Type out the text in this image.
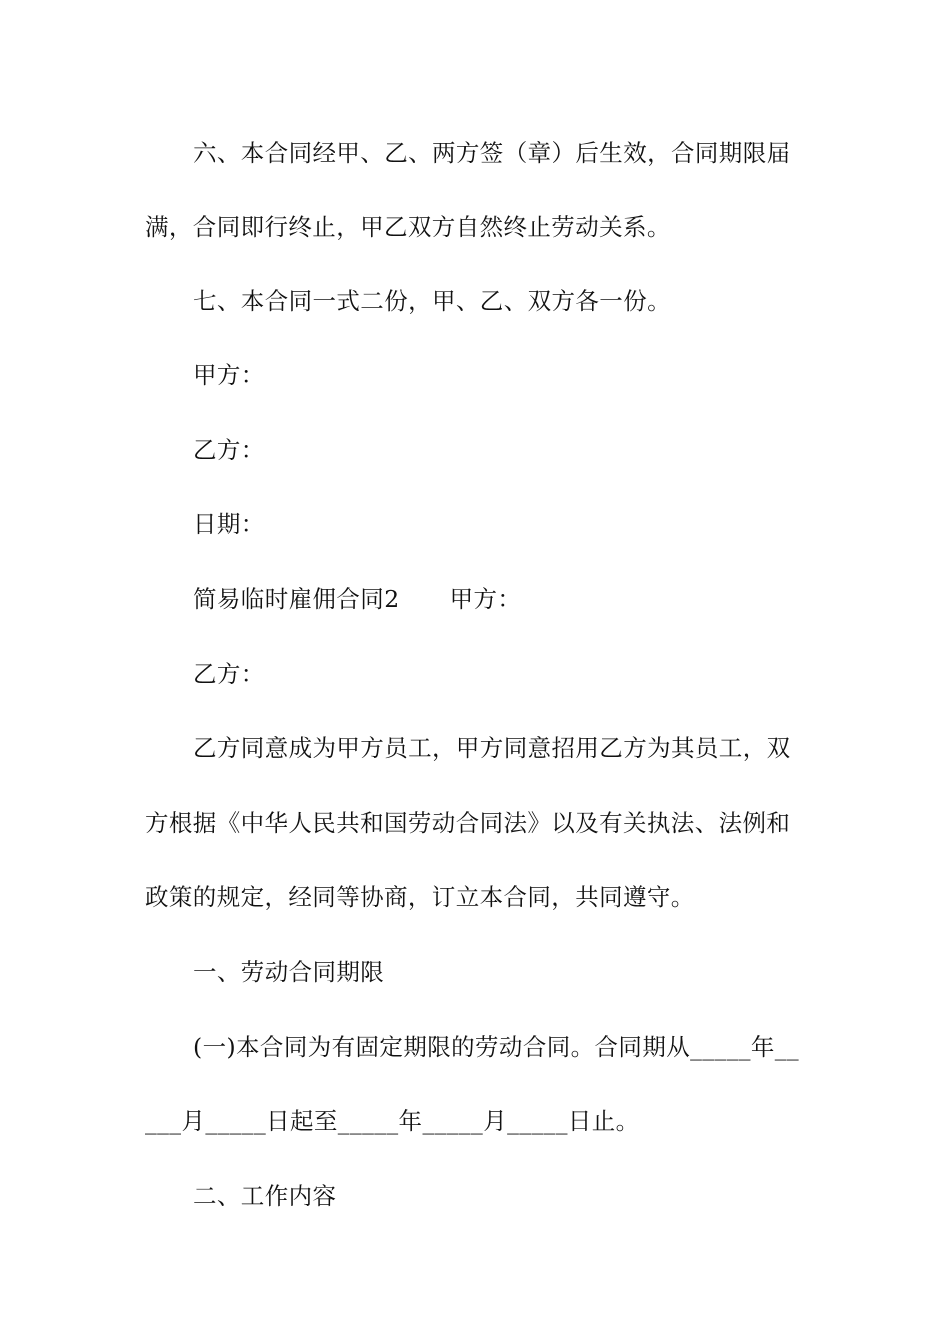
六、本合同经甲、乙、两方签（章）后生效，合同期限届
满，合同即行终止，甲乙双方自然终止劳动关系。
七、本合同一式二份，甲、乙、双方各一份。
甲方：
乙方：
日期：
简易临时雇佣合同2 甲方：
乙方：
乙方同意成为甲方员工，甲方同意招用乙方为其员工，双
方根据《中华人民共和国劳动合同法》以及有关执法、法例和
政策的规定，经同等协商，订立本合同，共同遵守。
一、劳动合同期限
(一)本合同为有固定期限的劳动合同。合同期从_____年__
___月_____日起至_____年_____月_____日止。
二、工作内容
